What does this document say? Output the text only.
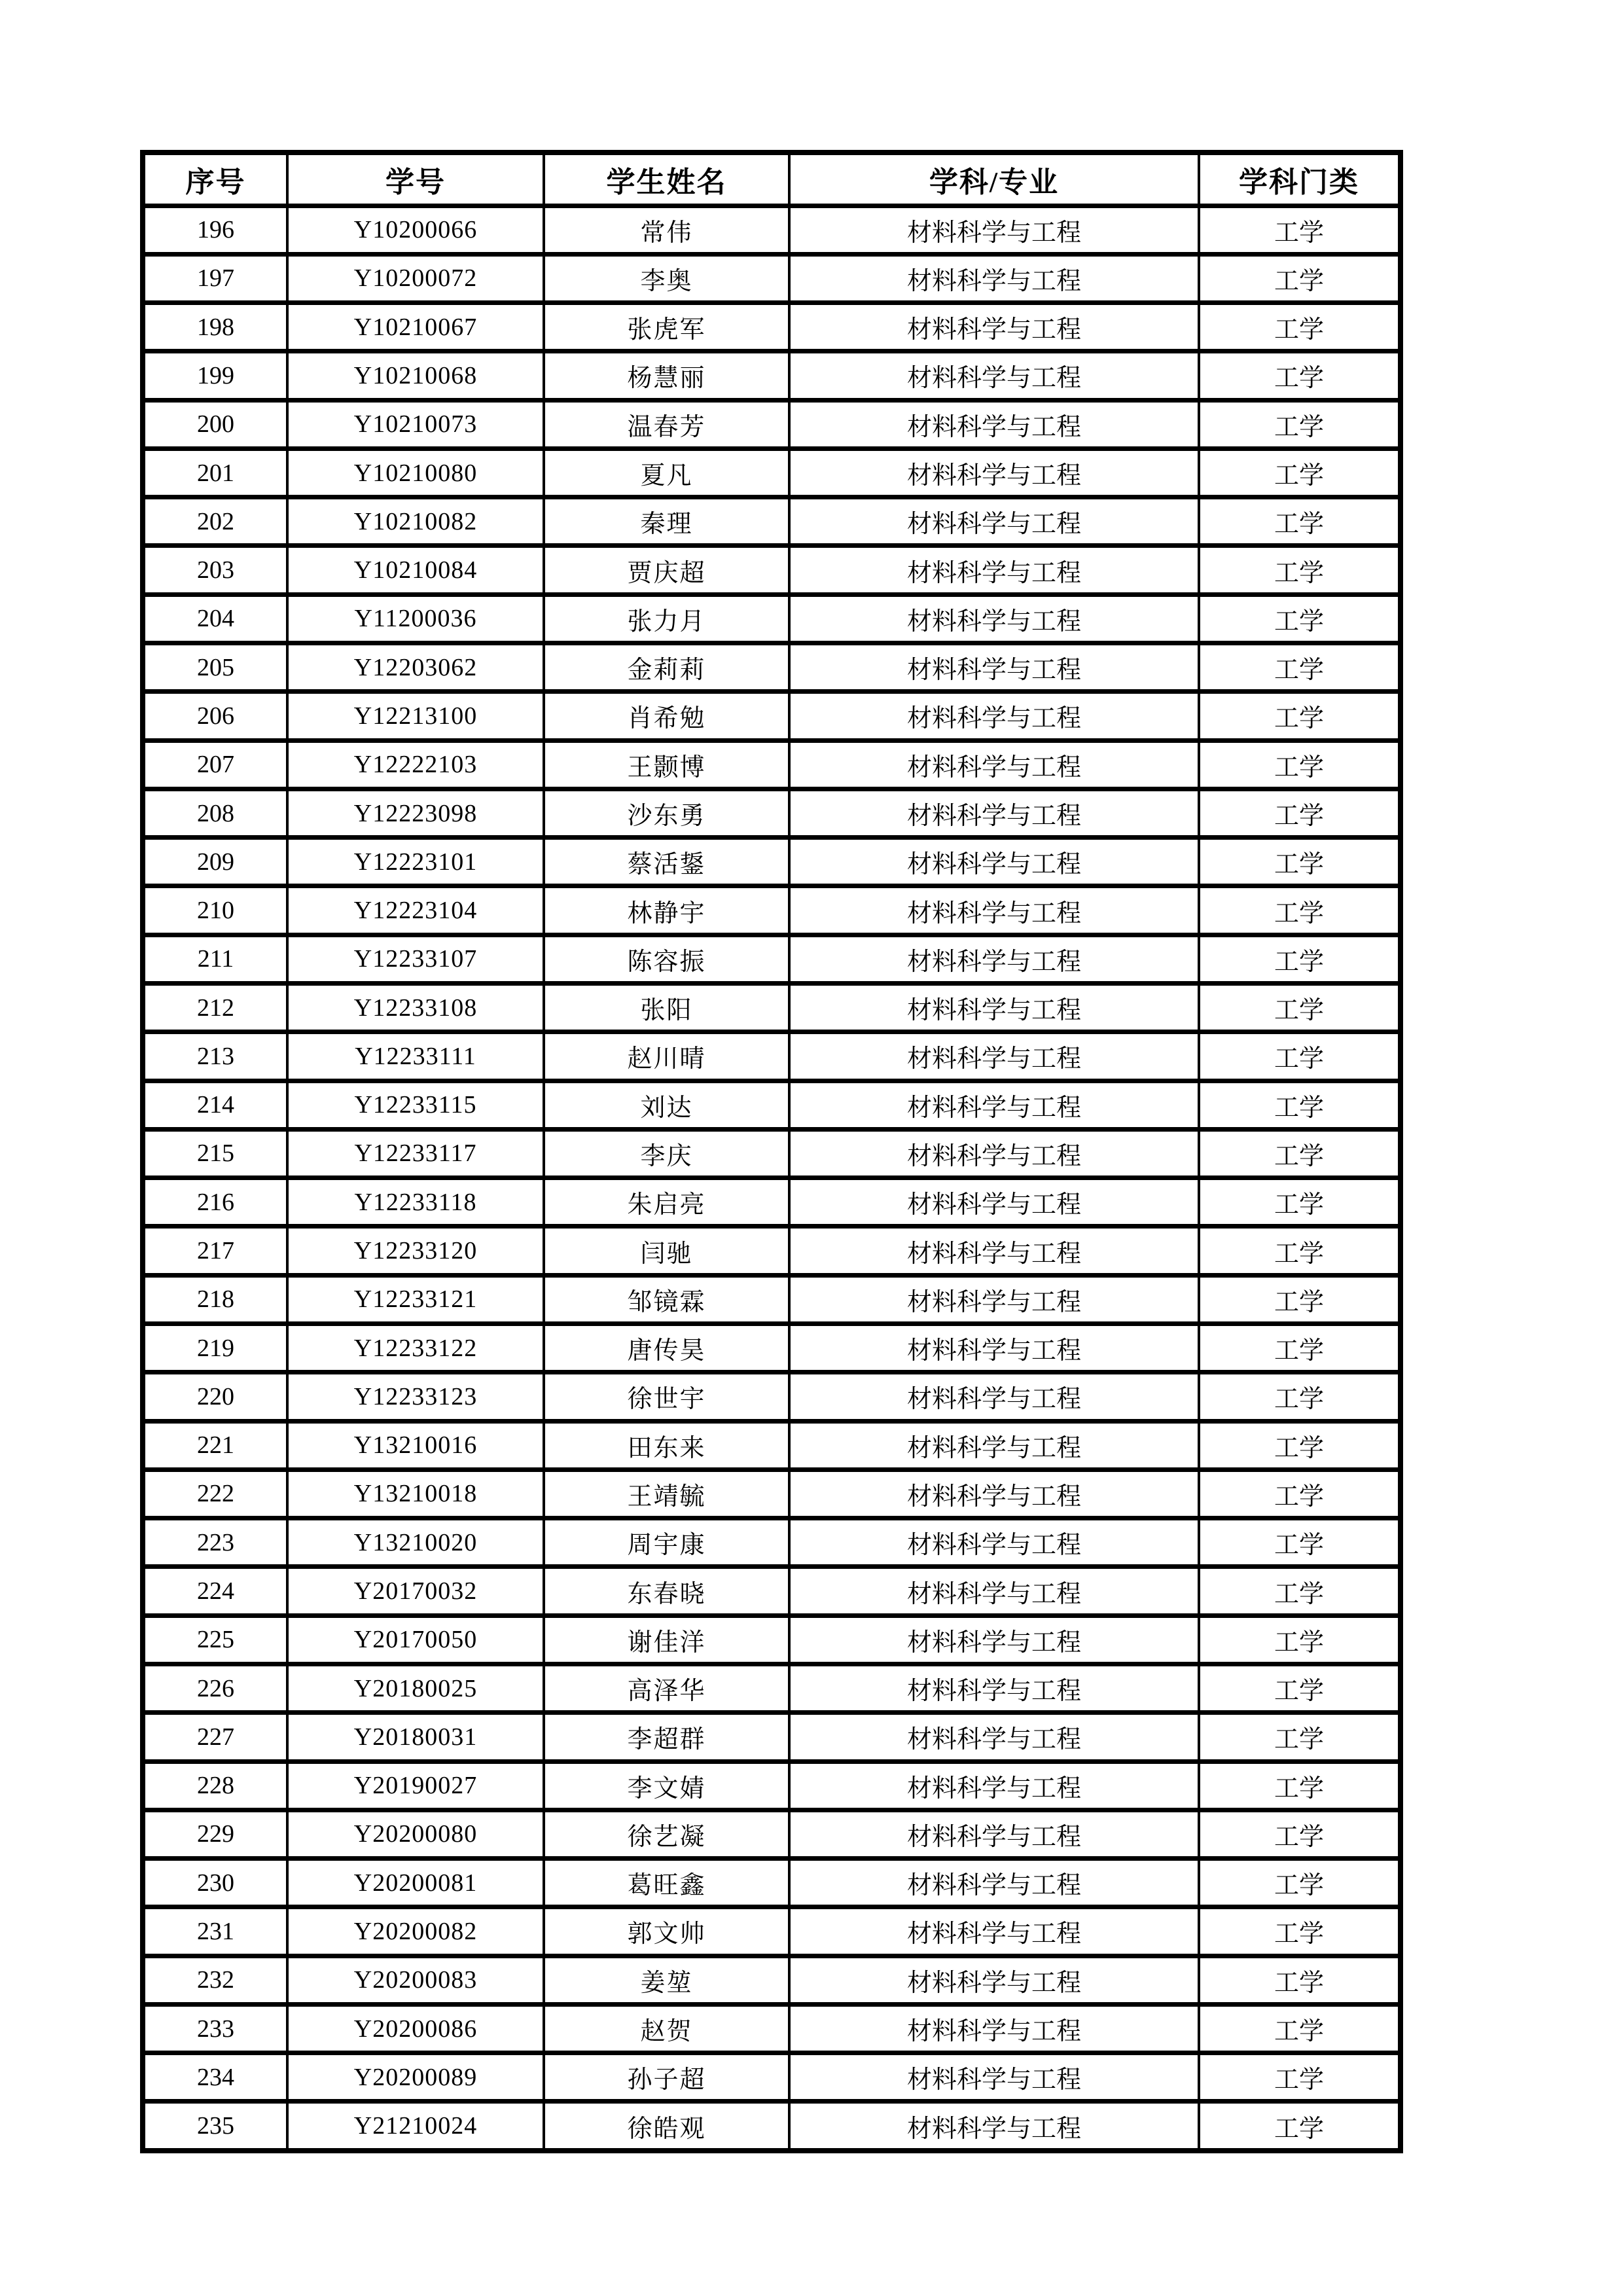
序号	学号	学生姓名	学科/专业	学科门类
196	Y10200066	常伟	材料科学与工程	工学
197	Y10200072	李奥	材料科学与工程	工学
198	Y10210067	张虎军	材料科学与工程	工学
199	Y10210068	杨慧丽	材料科学与工程	工学
200	Y10210073	温春芳	材料科学与工程	工学
201	Y10210080	夏凡	材料科学与工程	工学
202	Y10210082	秦理	材料科学与工程	工学
203	Y10210084	贾庆超	材料科学与工程	工学
204	Y11200036	张力月	材料科学与工程	工学
205	Y12203062	金莉莉	材料科学与工程	工学
206	Y12213100	肖希勉	材料科学与工程	工学
207	Y12222103	王颢博	材料科学与工程	工学
208	Y12223098	沙东勇	材料科学与工程	工学
209	Y12223101	蔡活鋬	材料科学与工程	工学
210	Y12223104	林静宇	材料科学与工程	工学
211	Y12233107	陈容振	材料科学与工程	工学
212	Y12233108	张阳	材料科学与工程	工学
213	Y12233111	赵川晴	材料科学与工程	工学
214	Y12233115	刘达	材料科学与工程	工学
215	Y12233117	李庆	材料科学与工程	工学
216	Y12233118	朱启亮	材料科学与工程	工学
217	Y12233120	闫驰	材料科学与工程	工学
218	Y12233121	邹镜霖	材料科学与工程	工学
219	Y12233122	唐传昊	材料科学与工程	工学
220	Y12233123	徐世宇	材料科学与工程	工学
221	Y13210016	田东来	材料科学与工程	工学
222	Y13210018	王靖毓	材料科学与工程	工学
223	Y13210020	周宇康	材料科学与工程	工学
224	Y20170032	东春晓	材料科学与工程	工学
225	Y20170050	谢佳洋	材料科学与工程	工学
226	Y20180025	高泽华	材料科学与工程	工学
227	Y20180031	李超群	材料科学与工程	工学
228	Y20190027	李文婧	材料科学与工程	工学
229	Y20200080	徐艺凝	材料科学与工程	工学
230	Y20200081	葛旺鑫	材料科学与工程	工学
231	Y20200082	郭文帅	材料科学与工程	工学
232	Y20200083	姜堃	材料科学与工程	工学
233	Y20200086	赵贺	材料科学与工程	工学
234	Y20200089	孙子超	材料科学与工程	工学
235	Y21210024	徐皓观	材料科学与工程	工学
